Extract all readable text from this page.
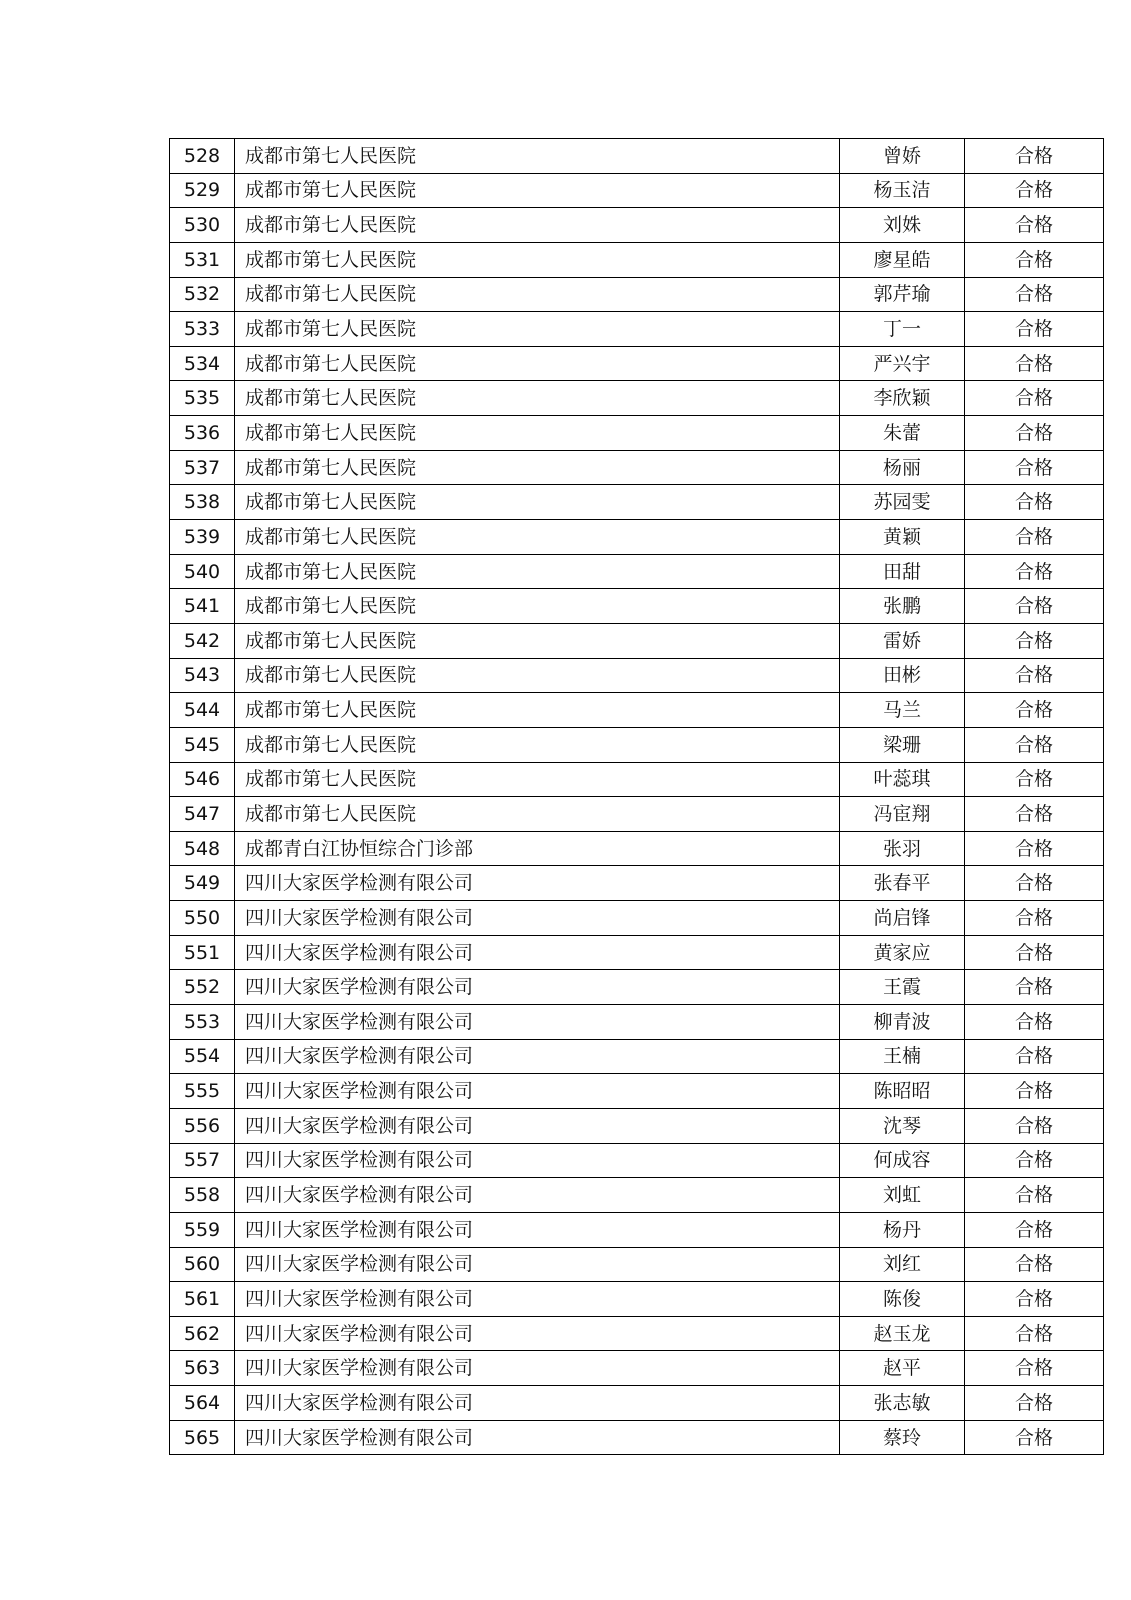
528	成都市第七人民医院	曾娇	合格
529	成都市第七人民医院	杨玉洁	合格
530	成都市第七人民医院	刘姝	合格
531	成都市第七人民医院	廖星皓	合格
532	成都市第七人民医院	郭芹瑜	合格
533	成都市第七人民医院	丁一	合格
534	成都市第七人民医院	严兴宇	合格
535	成都市第七人民医院	李欣颖	合格
536	成都市第七人民医院	朱蕾	合格
537	成都市第七人民医院	杨丽	合格
538	成都市第七人民医院	苏园雯	合格
539	成都市第七人民医院	黄颖	合格
540	成都市第七人民医院	田甜	合格
541	成都市第七人民医院	张鹏	合格
542	成都市第七人民医院	雷娇	合格
543	成都市第七人民医院	田彬	合格
544	成都市第七人民医院	马兰	合格
545	成都市第七人民医院	梁珊	合格
546	成都市第七人民医院	叶蕊琪	合格
547	成都市第七人民医院	冯宦翔	合格
548	成都青白江协恒综合门诊部	张羽	合格
549	四川大家医学检测有限公司	张春平	合格
550	四川大家医学检测有限公司	尚启锋	合格
551	四川大家医学检测有限公司	黄家应	合格
552	四川大家医学检测有限公司	王霞	合格
553	四川大家医学检测有限公司	柳青波	合格
554	四川大家医学检测有限公司	王楠	合格
555	四川大家医学检测有限公司	陈昭昭	合格
556	四川大家医学检测有限公司	沈琴	合格
557	四川大家医学检测有限公司	何成容	合格
558	四川大家医学检测有限公司	刘虹	合格
559	四川大家医学检测有限公司	杨丹	合格
560	四川大家医学检测有限公司	刘红	合格
561	四川大家医学检测有限公司	陈俊	合格
562	四川大家医学检测有限公司	赵玉龙	合格
563	四川大家医学检测有限公司	赵平	合格
564	四川大家医学检测有限公司	张志敏	合格
565	四川大家医学检测有限公司	蔡玲	合格
